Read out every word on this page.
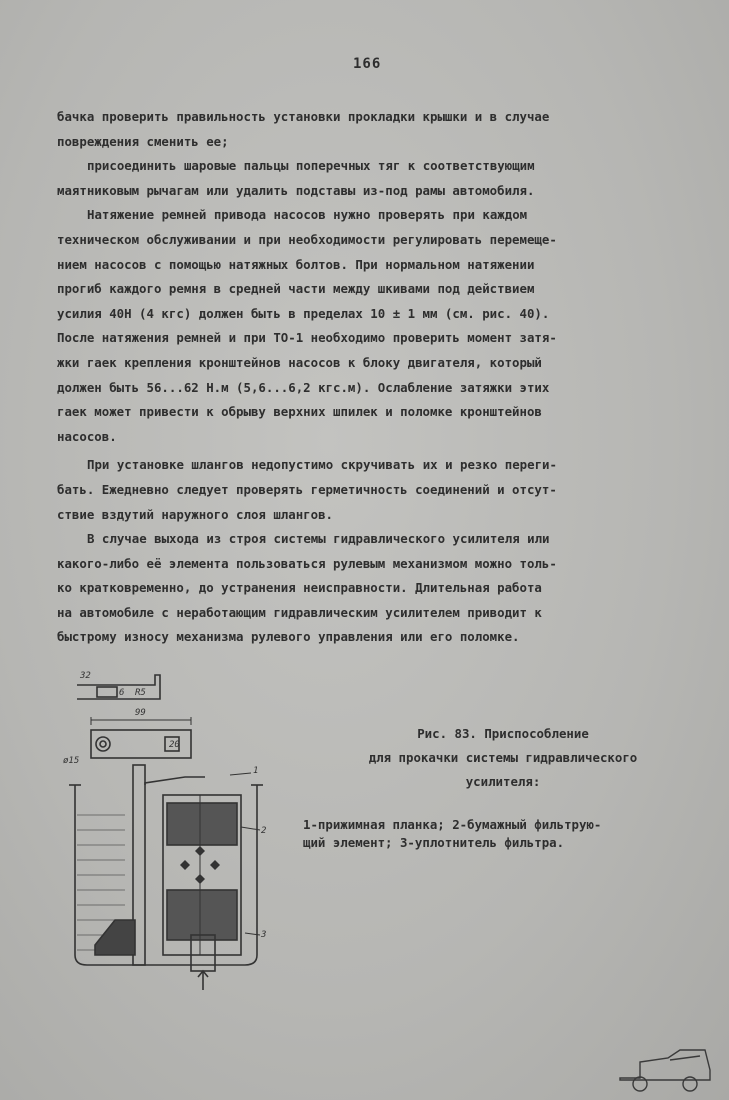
166
бачка проверить правильность установки прокладки крышки и в случае
повреждения сменить ее;
присоединить шаровые пальцы поперечных тяг к соответствующим
маятниковым рычагам или удалить подставы из-под рамы автомобиля.
Натяжение ремней привода насосов нужно проверять при каждом
техническом обслуживании и при необходимости регулировать перемеще-
нием насосов с помощью натяжных болтов. При нормальном натяжении
прогиб каждого ремня в средней части между шкивами под действием
усилия 40Н (4 кгс) должен быть в пределах 10 ± 1 мм (см. рис. 40).
После натяжения ремней и при ТО-1 необходимо проверить момент затя-
жки гаек крепления кронштейнов насосов к блоку двигателя, который
должен быть 56...62 Н.м (5,6...6,2 кгс.м). Ослабление затяжки этих
гаек может привести к обрыву верхних шпилек и поломке кронштейнов
насосов.
При установке шлангов недопустимо скручивать их и резко переги-
бать. Ежедневно следует проверять герметичность соединений и отсут-
ствие вздутий наружного слоя шлангов.
В случае выхода из строя системы гидравлического усилителя или
какого-либо её элемента пользоваться рулевым механизмом можно толь-
ко кратковременно, до устранения неисправности. Длительная работа
на автомобиле с неработающим гидравлическим усилителем приводит к
быстрому износу механизма рулевого управления или его поломке.
1
2
3
32
99
ø15
6 R5
20
Рис. 83. Приспособление
для прокачки системы гидравлического
усилителя:
1-прижимная планка; 2-бумажный фильтрую-
щий элемент; 3-уплотнитель фильтра.
